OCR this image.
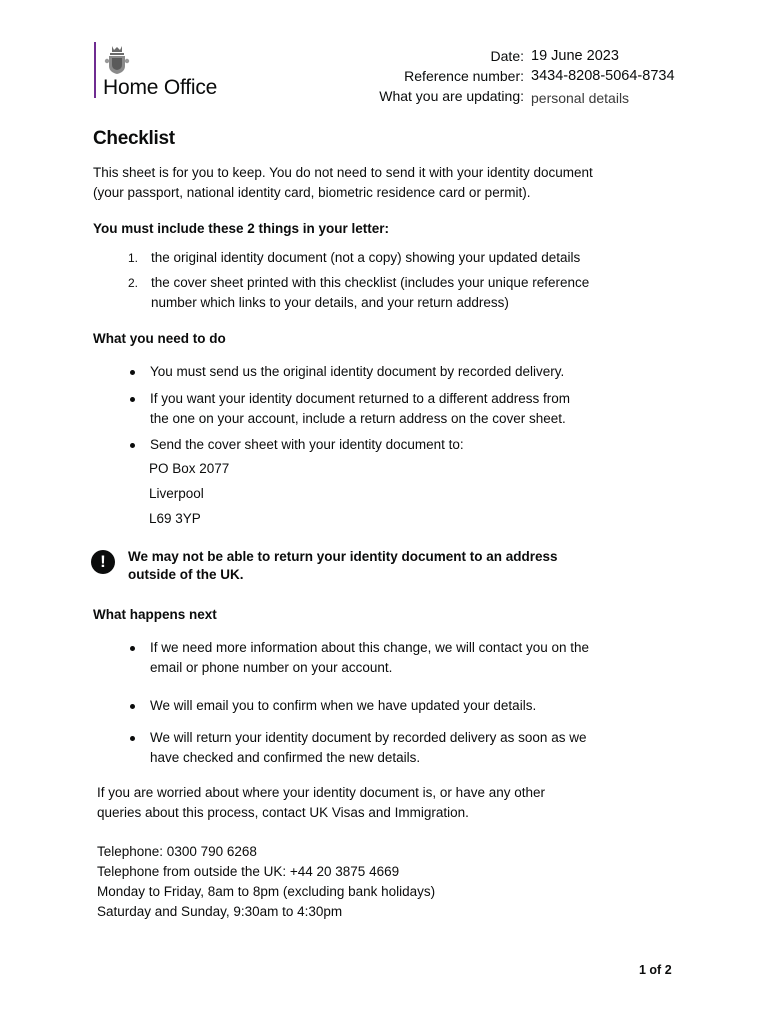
Home Office
Date: 19 June 2023
Reference number: 3434-8208-5064-8734
What you are updating: personal details
Checklist
This sheet is for you to keep. You do not need to send it with your identity document
(your passport, national identity card, biometric residence card or permit).
You must include these 2 things in your letter:
1. the original identity document (not a copy) showing your updated details
2. the cover sheet printed with this checklist (includes your unique reference
number which links to your details, and your return address)
What you need to do
You must send us the original identity document by recorded delivery.
If you want your identity document returned to a different address from
the one on your account, include a return address on the cover sheet.
Send the cover sheet with your identity document to:
PO Box 2077
Liverpool
L69 3YP
!	We may not be able to return your identity document to an address
outside of the UK.
What happens next
If we need more information about this change, we will contact you on the
email or phone number on your account.
We will email you to confirm when we have updated your details.
We will return your identity document by recorded delivery as soon as we
have checked and confirmed the new details.
If you are worried about where your identity document is, or have any other
queries about this process, contact UK Visas and Immigration.
Telephone: 0300 790 6268
Telephone from outside the UK: +44 20 3875 4669
Monday to Friday, 8am to 8pm (excluding bank holidays)
Saturday and Sunday, 9:30am to 4:30pm
1 of 2
